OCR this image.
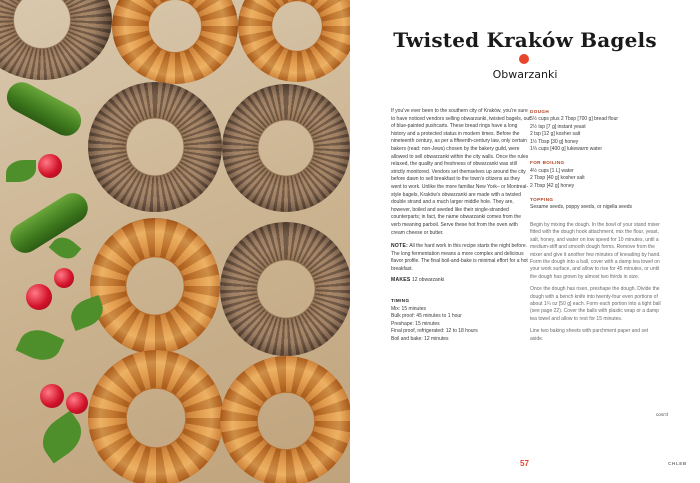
Twisted Kraków Bagels
Obwarzanki

If you’ve ever been to the southern city of Kraków, you’re sure to have noticed vendors selling obwarzanki, twisted bagels, out of blue-painted pushcarts. These bread rings have a long history and a protected status in modern times. Before the nineteenth century, as per a fifteenth-century law, only certain bakers (read: non-Jews) chosen by the bakery guild, were allowed to sell obwarzanki within the city walls. Once the rules relaxed, the quality and freshness of obwarzanki was still strictly monitored. Vendors set themselves up around the city before dawn to sell breakfast to the town’s citizens as they went to work. Unlike the more familiar New York– or Montreal-style bagels, Kraków’s obwarzanki are made with a twisted double strand and a much larger middle hole. They are, however, boiled and seeded like their single-stranded counterparts; in fact, the name obwarzanki comes from the verb meaning parboil. Serve these hot from the oven with cream cheese or butter.

NOTE: All the hard work in this recipe starts the night before. The long fermentation means a more complex and delicious flavor profile. The final boil-and-bake is minimal effort for a hot breakfast.

MAKES 12 obwarzanki

TIMING

Mix: 15 minutes

Bulk proof: 45 minutes to 1 hour

Preshape: 15 minutes

Final proof, refrigerated: 12 to 18 hours

Boil and bake: 12 minutes

DOUGH

5½ cups plus 2 Tbsp [700 g] bread flour

2½ tsp [7 g] instant yeast

2 tsp [12 g] kosher salt

1½ Tbsp [30 g] honey

1⅔ cups [400 g] lukewarm water

FOR BOILING

4½ cups [1 L] water

2 Tbsp [40 g] kosher salt

2 Tbsp [42 g] honey

TOPPING

Sesame seeds, poppy seeds, or nigella seeds

Begin by mixing the dough. In the bowl of your stand mixer fitted with the dough hook attachment, mix the flour, yeast, salt, honey, and water on low speed for 10 minutes, until a medium-stiff and smooth dough forms. Remove from the mixer and give it another few minutes of kneading by hand. Form the dough into a ball, cover with a damp tea towel on your work surface, and allow to rise for 45 minutes, or until the dough has grown by almost two thirds in size.

Once the dough has risen, preshape the dough. Divide the dough with a bench knife into twenty-four even portions of about 1¼ oz [50 g] each. Form each portion into a tight ball (see page 22). Cover the balls with plastic wrap or a damp tea towel and allow to rest for 15 minutes.

Line two baking sheets with parchment paper and set aside.

cont’d
57	CHLEB
